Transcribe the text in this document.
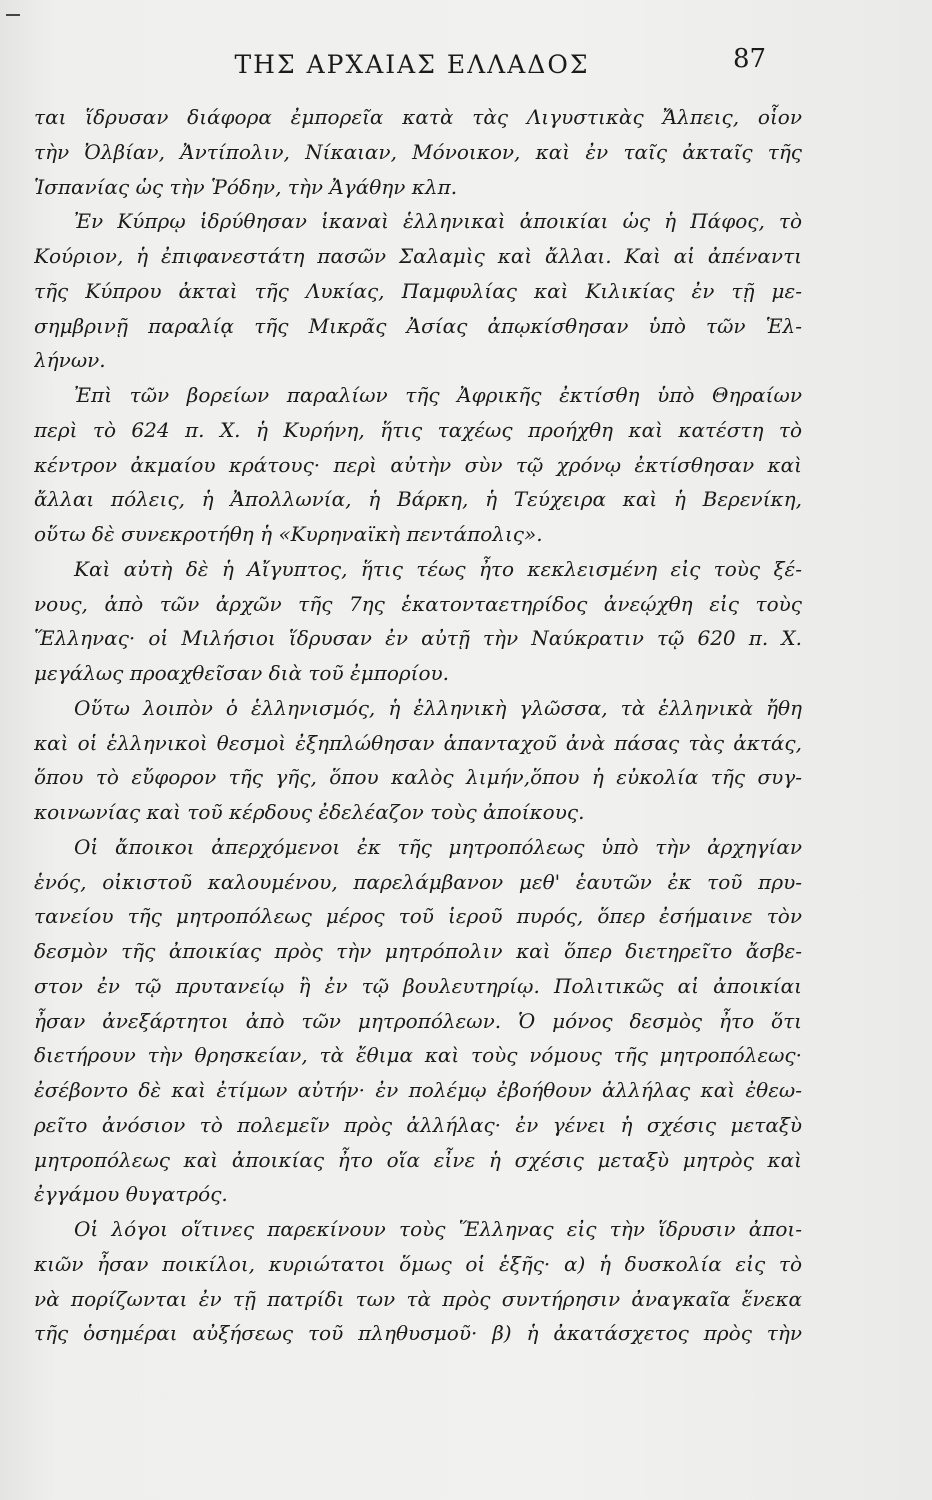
ΤΗΣ ΑΡΧΑΙΑΣ ΕΛΛΑΔΟΣ	87
ται ἵδρυσαν διάφορα ἐμπορεῖα κατὰ τὰς Λιγυστικὰς Ἄλπεις, οἷον
τὴν Ὀλβίαν, Ἀντίπολιν, Νίκαιαν, Μόνοικον, καὶ ἐν ταῖς ἀκταῖς τῆς
Ἱσπανίας ὡς τὴν Ῥόδην, τὴν Ἀγάθην κλπ.
Ἐν Κύπρῳ ἱδρύθησαν ἱκαναὶ ἑλληνικαὶ ἀποικίαι ὡς ἡ Πάφος, τὸ
Κούριον, ἡ ἐπιφανεστάτη πασῶν Σαλαμὶς καὶ ἄλλαι. Καὶ αἱ ἀπέναντι
τῆς Κύπρου ἀκταὶ τῆς Λυκίας, Παμφυλίας καὶ Κιλικίας ἐν τῇ με-
σημβρινῇ παραλίᾳ τῆς Μικρᾶς Ἀσίας ἀπῳκίσθησαν ὑπὸ τῶν Ἑλ-
λήνων.
Ἐπὶ τῶν βορείων παραλίων τῆς Ἀφρικῆς ἐκτίσθη ὑπὸ Θηραίων
περὶ τὸ 624 π. Χ. ἡ Κυρήνη, ἥτις ταχέως προήχθη καὶ κατέστη τὸ
κέντρον ἀκμαίου κράτους· περὶ αὐτὴν σὺν τῷ χρόνῳ ἐκτίσθησαν καὶ
ἄλλαι πόλεις, ἡ Ἀπολλωνία, ἡ Βάρκη, ἡ Τεύχειρα καὶ ἡ Βερενίκη,
οὕτω δὲ συνεκροτήθη ἡ «Κυρηναϊκὴ πεντάπολις».
Καὶ αὐτὴ δὲ ἡ Αἴγυπτος, ἥτις τέως ἦτο κεκλεισμένη εἰς τοὺς ξέ-
νους, ἀπὸ τῶν ἀρχῶν τῆς 7ης ἑκατονταετηρίδος ἀνεῴχθη εἰς τοὺς
Ἕλληνας· οἱ Μιλήσιοι ἵδρυσαν ἐν αὐτῇ τὴν Ναύκρατιν τῷ 620 π. Χ.
μεγάλως προαχθεῖσαν διὰ τοῦ ἐμπορίου.
Οὕτω λοιπὸν ὁ ἑλληνισμός, ἡ ἑλληνικὴ γλῶσσα, τὰ ἑλληνικὰ ἤθη
καὶ οἱ ἑλληνικοὶ θεσμοὶ ἐξηπλώθησαν ἁπανταχοῦ ἀνὰ πάσας τὰς ἀκτάς,
ὅπου τὸ εὔφορον τῆς γῆς, ὅπου καλὸς λιμήν,ὅπου ἡ εὐκολία τῆς συγ-
κοινωνίας καὶ τοῦ κέρδους ἐδελέαζον τοὺς ἀποίκους.
Οἱ ἄποικοι ἀπερχόμενοι ἐκ τῆς μητροπόλεως ὑπὸ τὴν ἀρχηγίαν
ἑνός, οἰκιστοῦ καλουμένου, παρελάμβανον μεθ' ἑαυτῶν ἐκ τοῦ πρυ-
τανείου τῆς μητροπόλεως μέρος τοῦ ἱεροῦ πυρός, ὅπερ ἐσήμαινε τὸν
δεσμὸν τῆς ἀποικίας πρὸς τὴν μητρόπολιν καὶ ὅπερ διετηρεῖτο ἄσβε-
στον ἐν τῷ πρυτανείῳ ἢ ἐν τῷ βουλευτηρίῳ. Πολιτικῶς αἱ ἀποικίαι
ἦσαν ἀνεξάρτητοι ἀπὸ τῶν μητροπόλεων. Ὁ μόνος δεσμὸς ἦτο ὅτι
διετήρουν τὴν θρησκείαν, τὰ ἔθιμα καὶ τοὺς νόμους τῆς μητροπόλεως·
ἐσέβοντο δὲ καὶ ἐτίμων αὐτήν· ἐν πολέμῳ ἐβοήθουν ἀλλήλας καὶ ἐθεω-
ρεῖτο ἀνόσιον τὸ πολεμεῖν πρὸς ἀλλήλας· ἐν γένει ἡ σχέσις μεταξὺ
μητροπόλεως καὶ ἀποικίας ἦτο οἵα εἶνε ἡ σχέσις μεταξὺ μητρὸς καὶ
ἐγγάμου θυγατρός.
Οἱ λόγοι οἵτινες παρεκίνουν τοὺς Ἕλληνας εἰς τὴν ἵδρυσιν ἀποι-
κιῶν ἦσαν ποικίλοι, κυριώτατοι ὅμως οἱ ἑξῆς· α) ἡ δυσκολία εἰς τὸ
νὰ πορίζωνται ἐν τῇ πατρίδι των τὰ πρὸς συντήρησιν ἀναγκαῖα ἕνεκα
τῆς ὁσημέραι αὐξήσεως τοῦ πληθυσμοῦ· β) ἡ ἀκατάσχετος πρὸς τὴν
